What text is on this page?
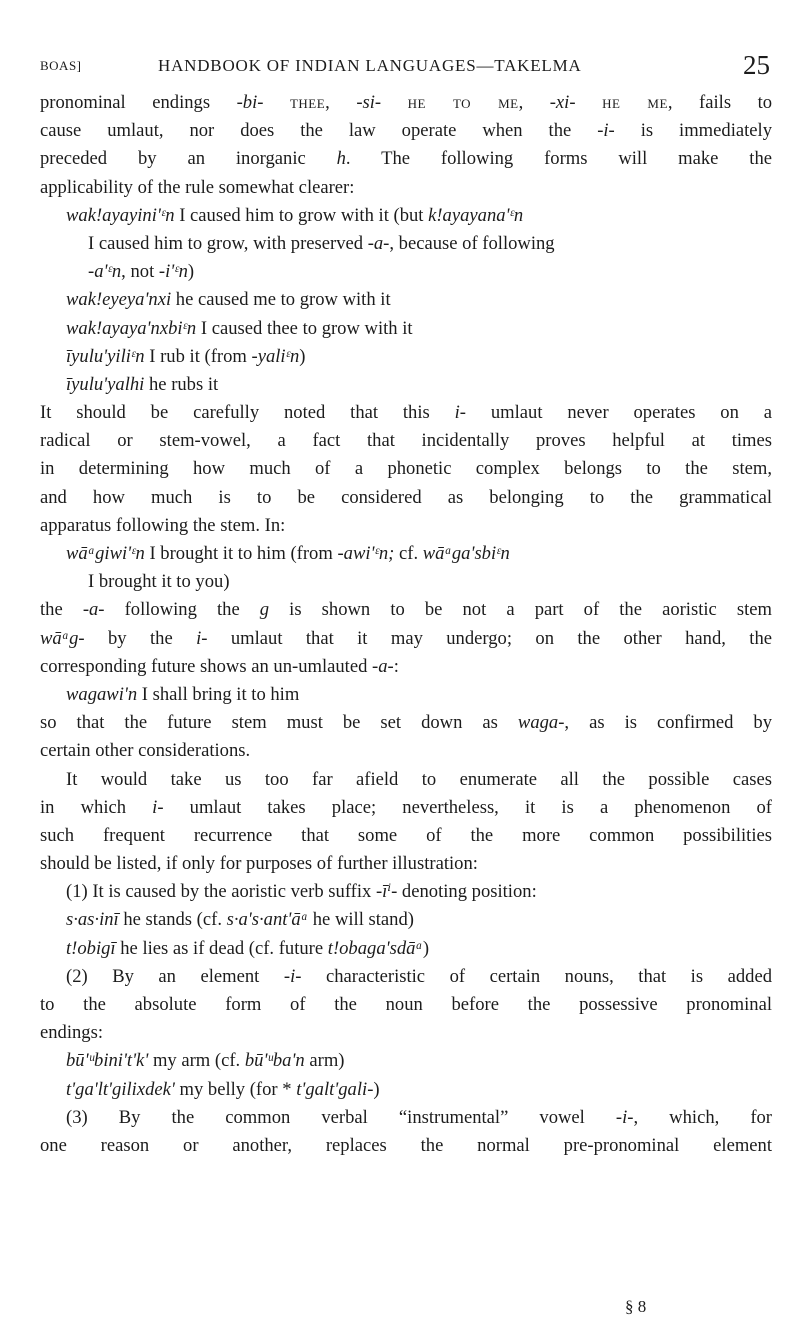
BOAS]	HANDBOOK OF INDIAN LANGUAGES—TAKELMA	25
pronominal endings -bi- thee, -si- he to me, -xi- he me, fails to
cause umlaut, nor does the law operate when the -i- is immediately
preceded by an inorganic h. The following forms will make the
applicability of the rule somewhat clearer:
wak!ayayini'ᵋn I caused him to grow with it (but k!ayayana'ᵋn
I caused him to grow, with preserved -a-, because of following
-a'ᵋn, not -i'ᵋn)
wak!eyeya'nxi he caused me to grow with it
wak!ayaya'nxbiᵋn I caused thee to grow with it
īyulu'yiliᵋn I rub it (from -yaliᵋn)
īyulu'yalhi he rubs it
It should be carefully noted that this i- umlaut never operates on a
radical or stem-vowel, a fact that incidentally proves helpful at times
in determining how much of a phonetic complex belongs to the stem,
and how much is to be considered as belonging to the grammatical
apparatus following the stem. In:
wāᵃgiwi'ᵋn I brought it to him (from -awi'ᵋn; cf. wāᵃga'sbiᵋn
I brought it to you)
the -a- following the g is shown to be not a part of the aoristic stem
wāᵃg- by the i- umlaut that it may undergo; on the other hand, the
corresponding future shows an un-umlauted -a-:
wagawi'n I shall bring it to him
so that the future stem must be set down as waga-, as is confirmed by
certain other considerations.
It would take us too far afield to enumerate all the possible cases
in which i- umlaut takes place; nevertheless, it is a phenomenon of
such frequent recurrence that some of the more common possibilities
should be listed, if only for purposes of further illustration:
(1) It is caused by the aoristic verb suffix -īⁱ- denoting position:
s·as·inī he stands (cf. s·a's·ant'āᵃ he will stand)
t!obigī he lies as if dead (cf. future t!obaga'sdāᵃ)
(2) By an element -i- characteristic of certain nouns, that is added
to the absolute form of the noun before the possessive pronominal
endings:
bū'ᵘbini't'k' my arm (cf. bū'ᵘba'n arm)
t'ga'lt'gilixdek' my belly (for * t'galt'gali-)
(3) By the common verbal “instrumental” vowel -i-, which, for
one reason or another, replaces the normal pre-pronominal element
§ 8
